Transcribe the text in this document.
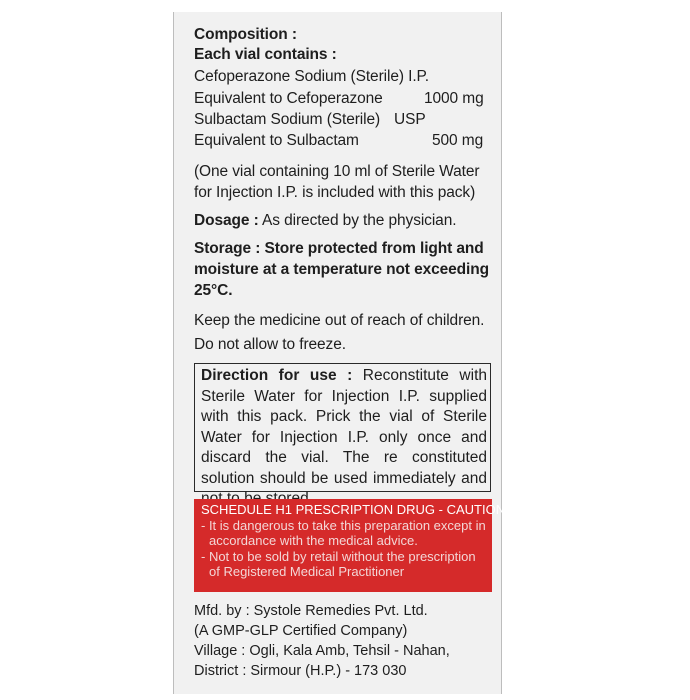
Composition :
Each vial contains :
Cefoperazone Sodium (Sterile) I.P.
Equivalent to Cefoperazone	1000 mg
Sulbactam Sodium (Sterile) USP
Equivalent to Sulbactam	500 mg
(One vial containing 10 ml of Sterile Water
for Injection I.P. is included with this pack)
Dosage : As directed by the physician.
Storage : Store protected from light and
moisture at a temperature not exceeding
25°C.
Keep the medicine out of reach of children.
Do not allow to freeze.

Direction for use : Reconstitute with Sterile Water for Injection I.P. supplied with this pack. Prick the vial of Sterile Water for Injection I.P. only once and discard the vial. The re constituted solution should be used immediately and

SCHEDULE H1 PRESCRIPTION DRUG - CAUTION
- It is dangerous to take this preparation except in
accordance with the medical advice.
- Not to be sold by retail without the prescription
of Registered Medical Practitioner
Mfd. by : Systole Remedies Pvt. Ltd.
(A GMP-GLP Certified Company)
Village : Ogli, Kala Amb, Tehsil - Nahan,
District : Sirmour (H.P.) - 173 030
